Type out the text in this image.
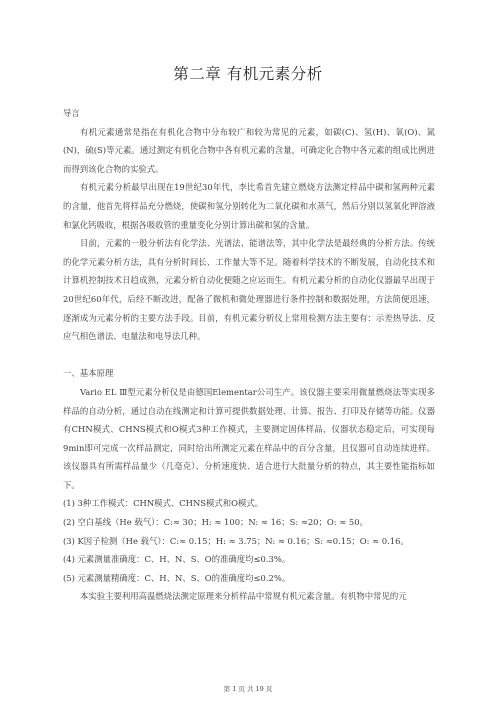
第二章 有机元素分析

导言

有机元素通常是指在有机化合物中分布较广和较为常见的元素，如碳(C)、氢(H)、氧(O)、氮(N)，硫(S)等元素。通过测定有机化合物中各有机元素的含量，可确定化合物中各元素的组成比例进而得到该化合物的实验式。

有机元素分析最早出现在19世纪30年代，李比希首先建立燃烧方法测定样品中碳和氢两种元素的含量，他首先将样品充分燃烧，使碳和氢分别转化为二氧化碳和水蒸气，然后分别以氢氧化钾溶液和氯化钙吸收，根据各吸收管的重量变化分别计算出碳和氢的含量。

目前，元素的一般分析法有化学法、光谱法、能谱法等，其中化学法是最经典的分析方法。传统的化学元素分析方法，具有分析时间长、工作量大等不足。随着科学技术的不断发展，自动化技术和计算机控制技术日趋成熟，元素分析自动化便随之应运而生。有机元素分析的自动化仪器最早出现于20世纪60年代，后经不断改进，配备了微机和微处理器进行条件控制和数据处理，方法简便迅速，逐渐成为元素分析的主要方法手段。目前，有机元素分析仪上常用检测方法主要有：示差热导法、反应气相色谱法、电量法和电导法几种。

一、基本原理

Vario EL Ⅲ型元素分析仪是由德国Elementar公司生产。该仪器主要采用微量燃烧法等实现多样品的自动分析，通过自动在线测定和计算可提供数据处理、计算、报告、打印及存储等功能。仪器有CHN模式、CHNS模式和O模式3种工作模式，主要测定固体样品，仪器状态稳定后，可实现每9min即可完成一次样品测定，同时给出所测定元素在样品中的百分含量，且仪器可自动连续进样。该仪器具有所需样品量少（几毫克）、分析速度快、适合进行大批量分析的特点，其主要性能指标如下。

(1) 3种工作模式：CHN模式、CHNS模式和O模式。

(2) 空白基线（He 载气）：C:≈ 30；H: ≈ 100；N: ≈ 16；S: ≈20；O: ≈ 50。

(3) K因子检测（He 载气）：C:≈ 0.15；H: ≈ 3.75；N: ≈ 0.16；S: ≈0.15；O: ≈ 0.16。

(4) 元素测量准确度：C、H、N、S、O的准确度均≤0.3%。

(5) 元素测量精确度：C、H、N、S、O的准确度均≤0.2%。

本实验主要利用高温燃烧法测定原理来分析样品中常规有机元素含量。有机物中常见的元

第 1 页 共 19 页
